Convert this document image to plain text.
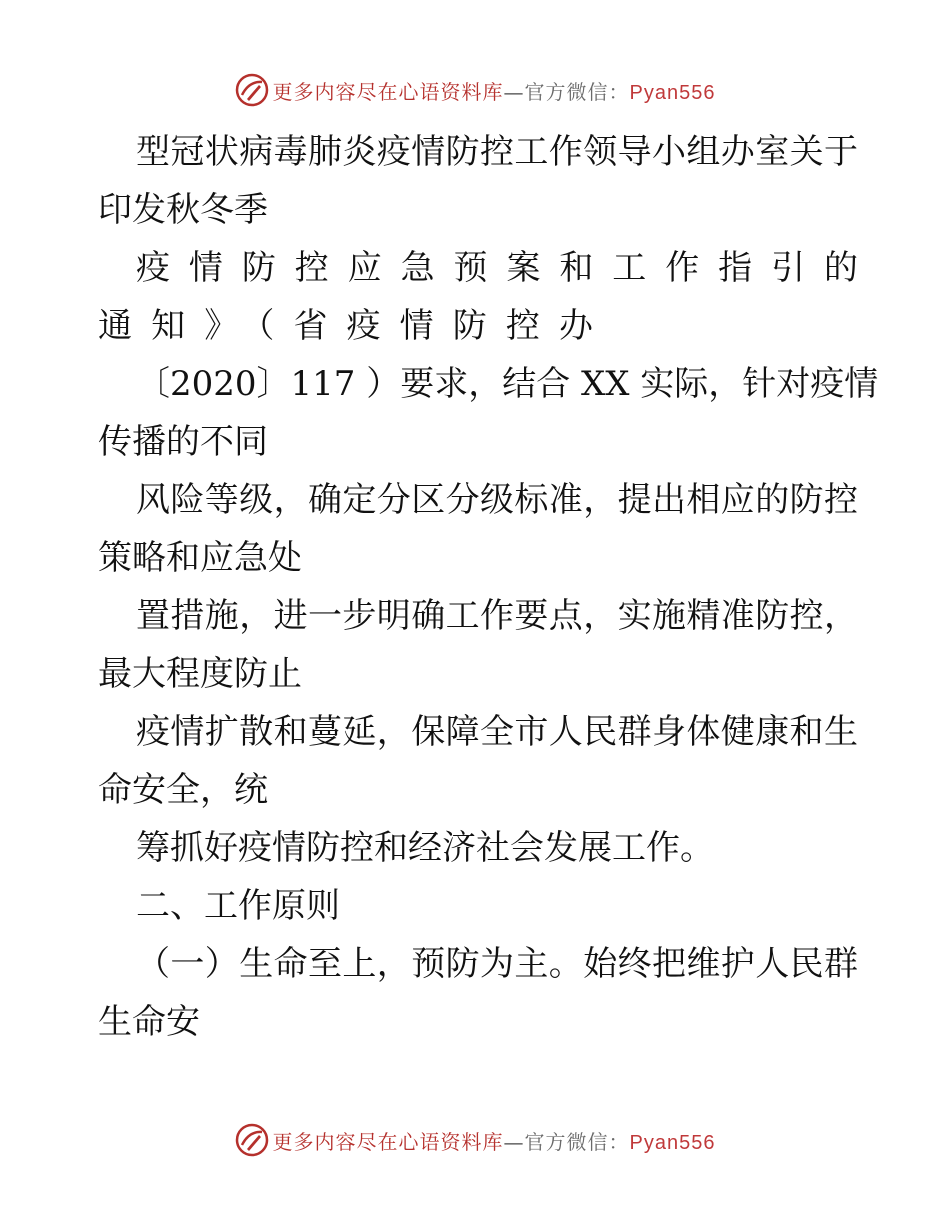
更多内容尽在心语资料库—官方微信：Pyan556
型冠状病毒肺炎疫情防控工作领导小组办室关于
印发秋冬季
疫情防控应急预案和工作指引的
通知》（省疫情防控办
〔2020〕117 ）要求，结合 XX 实际，针对疫情
传播的不同
风险等级，确定分区分级标准，提出相应的防控
策略和应急处
置措施，进一步明确工作要点，实施精准防控，
最大程度防止
疫情扩散和蔓延，保障全市人民群身体健康和生
命安全，统
筹抓好疫情防控和经济社会发展工作。
二、工作原则
（一）生命至上，预防为主。始终把维护人民群
生命安
更多内容尽在心语资料库—官方微信：Pyan556
